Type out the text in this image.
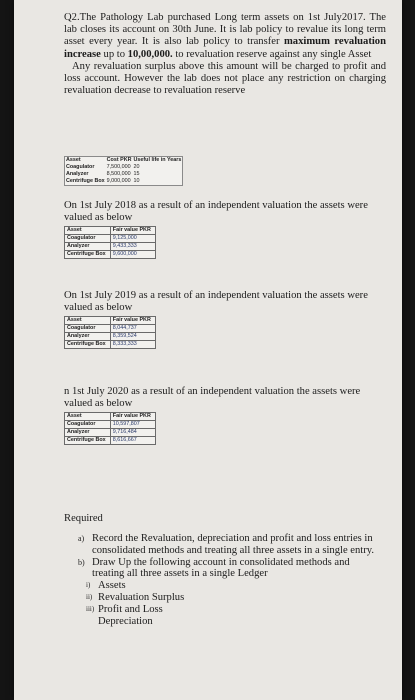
Q2.The Pathology Lab purchased Long term assets on 1st July2017. The lab closes its account on 30th June. It is lab policy to revalue its long term asset every year. It is also lab policy to transfer maximum revaluation increase up to 10,00,000. to revaluation reserve against any single Asset

Any revaluation surplus above this amount will be charged to profit and loss account. However the lab does not place any restriction on charging revaluation decrease to revaluation reserve

Asset	Cost PKR	Useful life in Years
Coagulator	7,500,000	20
Analyzer	8,500,000	15
Centrifuge Box	9,000,000	10
On 1st July 2018 as a result of an independent valuation the assets were valued as below
Asset	Fair value PKR
Coagulator	9,125,000
Analyzer	9,433,333
Centrifuge Box	9,600,000
On 1st July 2019 as a result of an independent valuation the assets were valued as below
Asset	Fair value PKR
Coagulator	8,044,737
Analyzer	8,359,524
Centrifuge Box	8,333,333
n 1st July 2020 as a result of an independent valuation the assets were valued as below
Asset	Fair value PKR
Coagulator	10,597,807
Analyzer	9,716,484
Centrifuge Box	8,616,667
Required
a) Record the Revaluation, depreciation and profit and loss entries in consolidated methods and treating all three assets in a single entry.
b) Draw Up the following account in consolidated methods and treating all three assets in a single Ledger
i) Assets
ii) Revaluation Surplus
iii) Profit and Loss
Depreciation
